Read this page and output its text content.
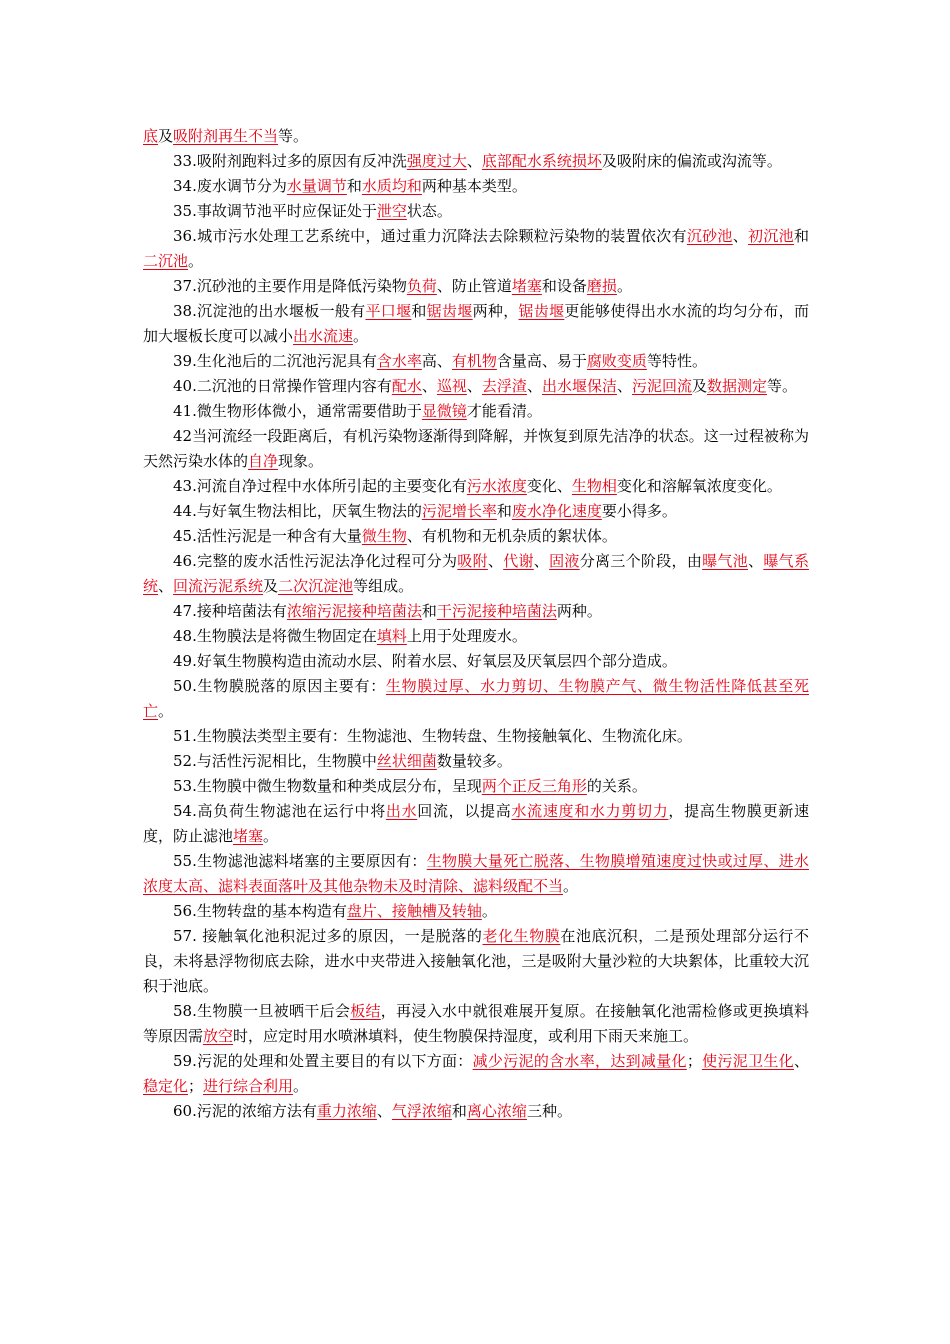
底及吸附剂再生不当等。

33.吸附剂跑料过多的原因有反冲洗强度过大、底部配水系统损坏及吸附床的偏流或沟流等。

34.废水调节分为水量调节和水质均和两种基本类型。

35.事故调节池平时应保证处于泄空状态。

36.城市污水处理工艺系统中，通过重力沉降法去除颗粒污染物的装置依次有沉砂池、初沉池和二沉池。

37.沉砂池的主要作用是降低污染物负荷、防止管道堵塞和设备磨损。

38.沉淀池的出水堰板一般有平口堰和锯齿堰两种，锯齿堰更能够使得出水水流的均匀分布，而加大堰板长度可以减小出水流速。

39.生化池后的二沉池污泥具有含水率高、有机物含量高、易于腐败变质等特性。

40.二沉池的日常操作管理内容有配水、巡视、去浮渣、出水堰保洁、污泥回流及数据测定等。

41.微生物形体微小，通常需要借助于显微镜才能看清。

42当河流经一段距离后，有机污染物逐渐得到降解，并恢复到原先洁净的状态。这一过程被称为天然污染水体的自净现象。

43.河流自净过程中水体所引起的主要变化有污水浓度变化、生物相变化和溶解氧浓度变化。

44.与好氧生物法相比，厌氧生物法的污泥增长率和废水净化速度要小得多。

45.活性污泥是一种含有大量微生物、有机物和无机杂质的絮状体。

46.完整的废水活性污泥法净化过程可分为吸附、代谢、固液分离三个阶段，由曝气池、曝气系统、回流污泥系统及二次沉淀池等组成。

47.接种培菌法有浓缩污泥接种培菌法和干污泥接种培菌法两种。

48.生物膜法是将微生物固定在填料上用于处理废水。

49.好氧生物膜构造由流动水层、附着水层、好氧层及厌氧层四个部分造成。

50.生物膜脱落的原因主要有：生物膜过厚、水力剪切、生物膜产气、微生物活性降低甚至死亡。

51.生物膜法类型主要有：生物滤池、生物转盘、生物接触氧化、生物流化床。

52.与活性污泥相比，生物膜中丝状细菌数量较多。

53.生物膜中微生物数量和种类成层分布，呈现两个正反三角形的关系。

54.高负荷生物滤池在运行中将出水回流，以提高水流速度和水力剪切力，提高生物膜更新速度，防止滤池堵塞。

55.生物滤池滤料堵塞的主要原因有：生物膜大量死亡脱落、生物膜增殖速度过快或过厚、进水浓度太高、滤料表面落叶及其他杂物未及时清除、滤料级配不当。

56.生物转盘的基本构造有盘片、接触槽及转轴。

57. 接触氧化池积泥过多的原因，一是脱落的老化生物膜在池底沉积，二是预处理部分运行不良，未将悬浮物彻底去除，进水中夹带进入接触氧化池，三是吸附大量沙粒的大块絮体，比重较大沉积于池底。

58.生物膜一旦被晒干后会板结，再浸入水中就很难展开复原。在接触氧化池需检修或更换填料等原因需放空时，应定时用水喷淋填料，使生物膜保持湿度，或利用下雨天来施工。

59.污泥的处理和处置主要目的有以下方面：减少污泥的含水率，达到减量化；使污泥卫生化、稳定化；进行综合利用。

60.污泥的浓缩方法有重力浓缩、气浮浓缩和离心浓缩三种。
